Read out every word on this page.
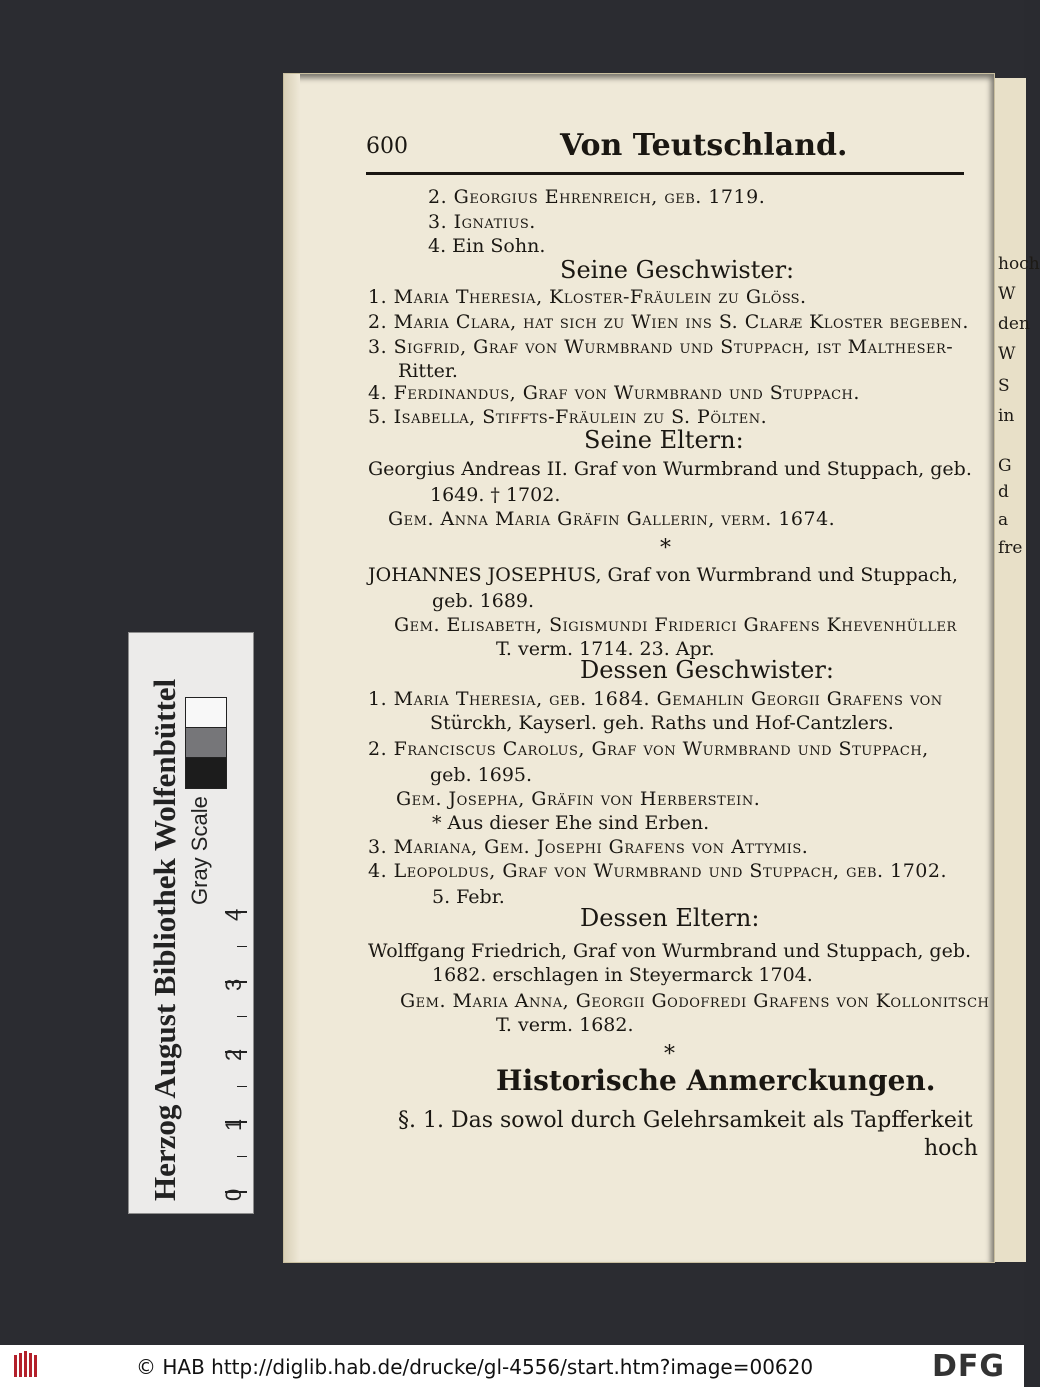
hoch
W
den
W
S
in
G
d
a
fre
600	Von Teutschland.
2. Georgius Ehrenreich, geb. 1719.
3. Ignatius.
4. Ein Sohn.
Seine Geschwister:
1. Maria Theresia, Kloster-Fräulein zu Glöß.
2. Maria Clara, hat sich zu Wien ins S. Claræ Kloster begeben.
3. Sigfrid, Graf von Wurmbrand und Stuppach, ist Maltheser-
Ritter.
4. Ferdinandus, Graf von Wurmbrand und Stuppach.
5. Isabella, Stiffts-Fräulein zu S. Pölten.
Seine Eltern:
Georgius Andreas II. Graf von Wurmbrand und Stuppach, geb.
1649. † 1702.
Gem. Anna Maria Gräfin Gallerin, verm. 1674.
*
JOHANNES JOSEPHUS, Graf von Wurmbrand und Stuppach,
geb. 1689.
Gem. Elisabeth, Sigismundi Friderici Grafens Khevenhüller
T. verm. 1714. 23. Apr.
Dessen Geschwister:
1. Maria Theresia, geb. 1684. Gemahlin Georgii Grafens von
Stürckh, Kayserl. geh. Raths und Hof-Cantzlers.
2. Franciscus Carolus, Graf von Wurmbrand und Stuppach,
geb. 1695.
Gem. Josepha, Gräfin von Herberstein.
* Aus dieser Ehe sind Erben.
3. Mariana, Gem. Josephi Grafens von Attymis.
4. Leopoldus, Graf von Wurmbrand und Stuppach, geb. 1702.
5. Febr.
Dessen Eltern:
Wolffgang Friedrich, Graf von Wurmbrand und Stuppach, geb.
1682. erschlagen in Steyermarck 1704.
Gem. Maria Anna, Georgii Godofredi Grafens von Kollonitsch
T. verm. 1682.
*
Historische Anmerckungen.
§. 1. Das sowol durch Gelehrsamkeit als Tapfferkeit
hoch
Herzog August Bibliothek Wolfenbüttel Gray Scale
0
1
2
3
4
© HAB http://diglib.hab.de/drucke/gl-4556/start.htm?image=00620	DFG
